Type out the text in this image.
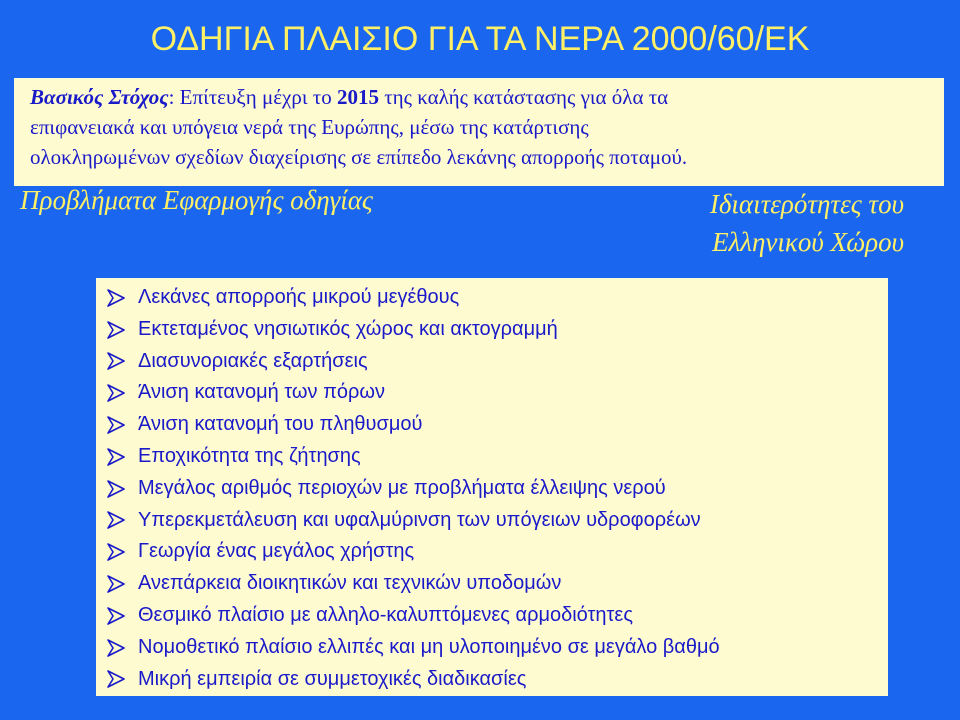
ΟΔΗΓΙΑ ΠΛΑΙΣΙΟ ΓΙΑ ΤΑ ΝΕΡΑ 2000/60/ΕΚ
Βασικός Στόχος: Επίτευξη μέχρι το 2015 της καλής κατάστασης για όλα τα
επιφανειακά και υπόγεια νερά της Ευρώπης, μέσω της κατάρτισης
ολοκληρωμένων σχεδίων διαχείρισης σε επίπεδο λεκάνης απορροής ποταμού.
Προβλήματα Εφαρμογής οδηγίας	Ιδιαιτερότητες του
Ελληνικού Χώρου
Λεκάνες απορροής μικρού μεγέθους
Εκτεταμένος νησιωτικός χώρος και ακτογραμμή
Διασυνοριακές εξαρτήσεις
Άνιση κατανομή των πόρων
Άνιση κατανομή του πληθυσμού
Εποχικότητα της ζήτησης
Μεγάλος αριθμός περιοχών με προβλήματα έλλειψης νερού
Υπερεκμετάλευση και υφαλμύρινση των υπόγειων υδροφορέων
Γεωργία ένας μεγάλος χρήστης
Ανεπάρκεια διοικητικών και τεχνικών υποδομών
Θεσμικό πλαίσιο με αλληλο-καλυπτόμενες αρμοδιότητες
Νομοθετικό πλαίσιο ελλιπές και μη υλοποιημένο σε μεγάλο βαθμό
Μικρή εμπειρία σε συμμετοχικές διαδικασίες
